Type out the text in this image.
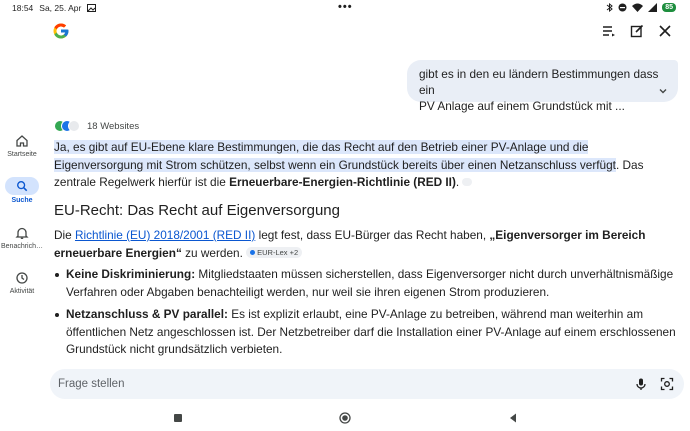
18:54 Sa, 25. Apr	•••	85
Startseite
Suche
Benachrich…
Aktivität
gibt es in den eu ländern Bestimmungen dass ein
PV Anlage auf einem Grundstück mit ...
18 Websites
Ja, es gibt auf EU-Ebene klare Bestimmungen, die das Recht auf den Betrieb einer PV-Anlage und die Eigenversorgung mit Strom schützen, selbst wenn ein Grundstück bereits über einen Netzanschluss verfügt. Das zentrale Regelwerk hierfür ist die Erneuerbare-Energien-Richtlinie (RED II).
EU-Recht: Das Recht auf Eigenversorgung
Die Richtlinie (EU) 2018/2001 (RED II) legt fest, dass EU-Bürger das Recht haben, „Eigenversorger im Bereich erneuerbare Energien“ zu werden. EUR-Lex +2
Keine Diskriminierung: Mitgliedstaaten müssen sicherstellen, dass Eigenversorger nicht durch unverhältnismäßige Verfahren oder Abgaben benachteiligt werden, nur weil sie ihren eigenen Strom produzieren.
Netzanschluss & PV parallel: Es ist explizit erlaubt, eine PV-Anlage zu betreiben, während man weiterhin am öffentlichen Netz angeschlossen ist. Der Netzbetreiber darf die Installation einer PV-Anlage auf einem erschlossenen Grundstück nicht grundsätzlich verbieten.
Frage stellen
